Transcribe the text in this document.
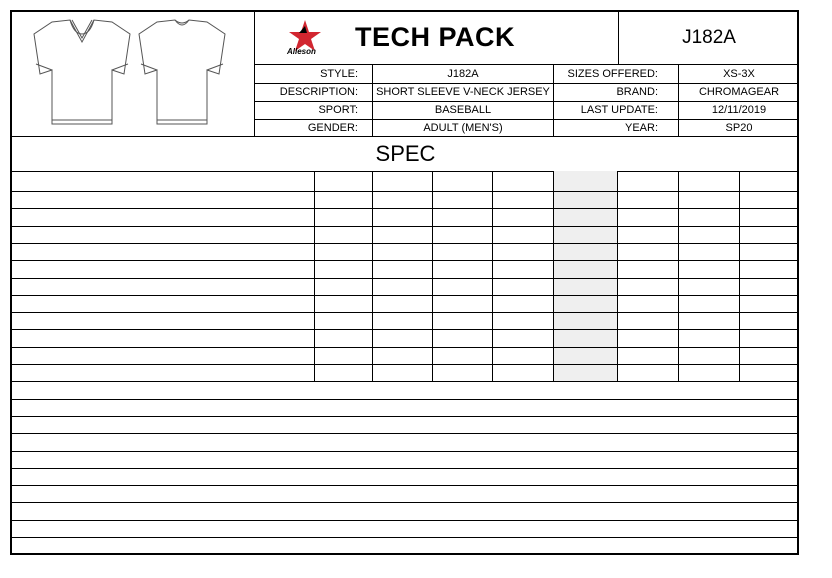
Alleson TECH PACK	J182A
STYLE:	J182A	SIZES OFFERED:	XS-3X
DESCRIPTION: SHORT SLEEVE V-NECK JERSEY	BRAND:	CHROMAGEAR
SPORT:	BASEBALL	LAST UPDATE:	12/11/2019
GENDER:	ADULT (MEN'S)	YEAR:	SP20
SPEC
